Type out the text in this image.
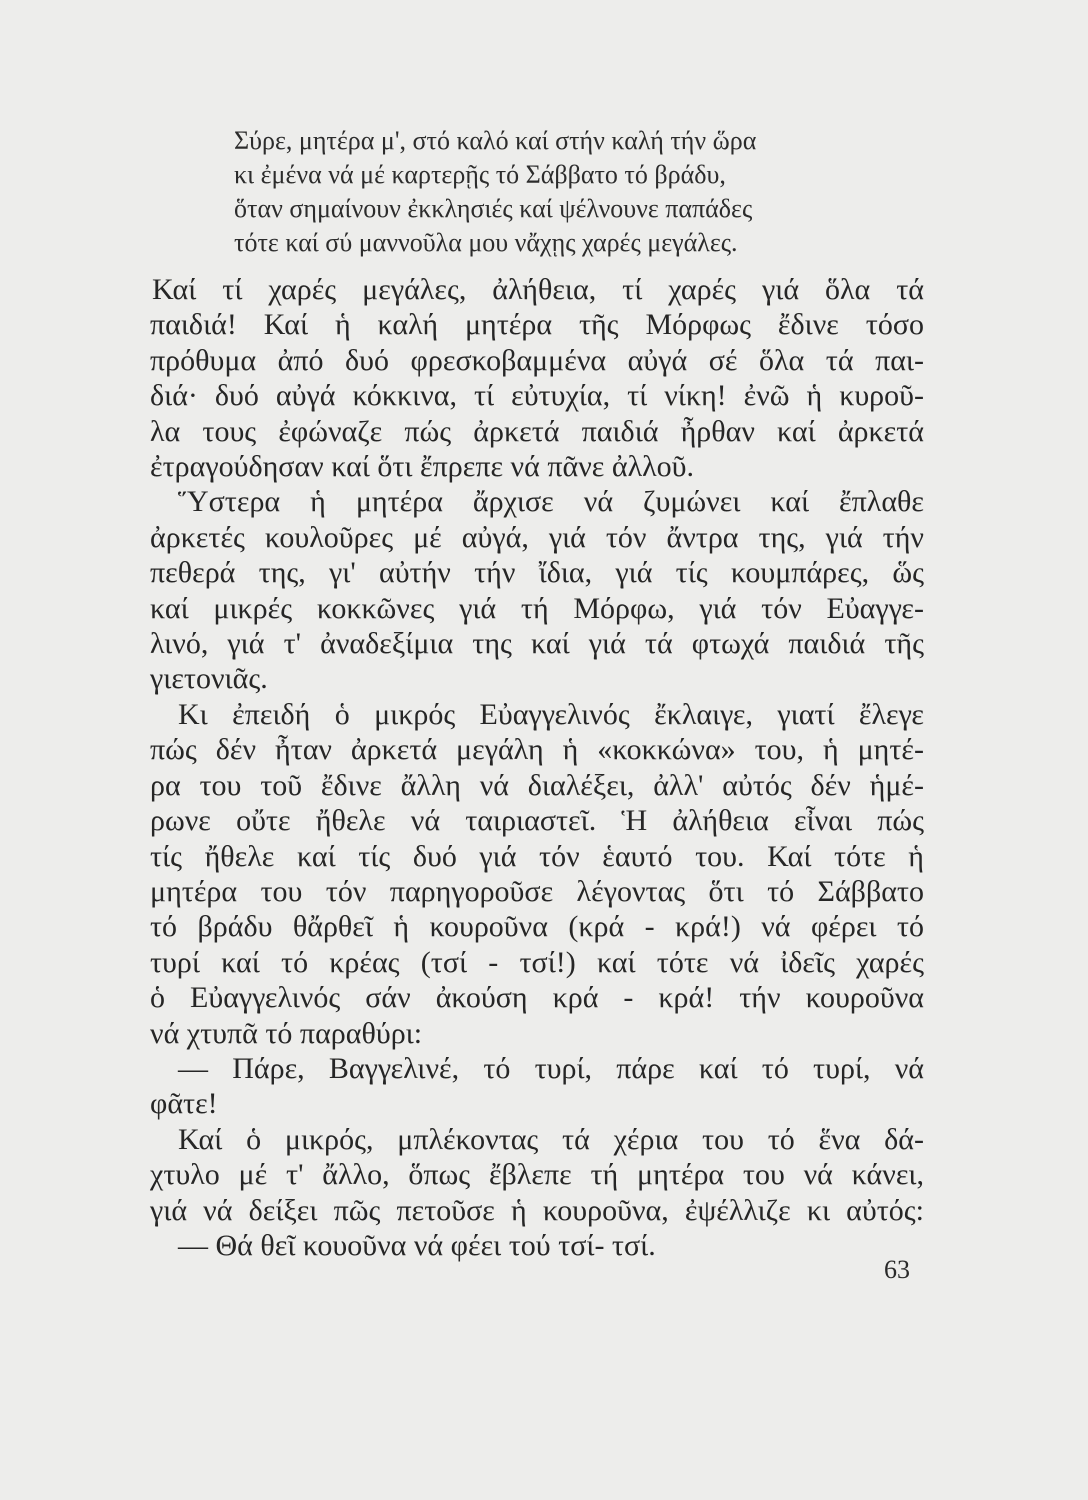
Σύρε, μητέρα μ', στό καλό καί στήν καλή τήν ὥρα
κι ἐμένα νά μέ καρτερῇς τό Σάββατο τό βράδυ,
ὅταν σημαίνουν ἐκκλησιές καί ψέλνουνε παπάδες
τότε καί σύ μαννοῦλα μου νἄχῃς χαρές μεγάλες.

Καί τί χαρές μεγάλες, ἀλήθεια, τί χαρές γιά ὅλα τά
παιδιά! Καί ἡ καλή μητέρα τῆς Μόρφως ἔδινε τόσο
πρόθυμα ἀπό δυό φρεσκοβαμμένα αὐγά σέ ὅλα τά παι-
διά· δυό αὐγά κόκκινα, τί εὐτυχία, τί νίκη! ἐνῶ ἡ κυροῦ-
λα τους ἐφώναζε πώς ἀρκετά παιδιά ἦρθαν καί ἀρκετά
ἐτραγούδησαν καί ὅτι ἔπρεπε νά πᾶνε ἀλλοῦ.

Ὕστερα ἡ μητέρα ἄρχισε νά ζυμώνει καί ἔπλαθε
ἀρκετές κουλοῦρες μέ αὐγά, γιά τόν ἄντρα της, γιά τήν
πεθερά της, γι' αὐτήν τήν ἴδια, γιά τίς κουμπάρες, ὥς
καί μικρές κοκκῶνες γιά τή Μόρφω, γιά τόν Εὐαγγε-
λινό, γιά τ' ἀναδεξίμια της καί γιά τά φτωχά παιδιά τῆς
γιετονιᾶς.

Κι ἐπειδή ὁ μικρός Εὐαγγελινός ἔκλαιγε, γιατί ἔλεγε
πώς δέν ἦταν ἀρκετά μεγάλη ἡ «κοκκώνα» του, ἡ μητέ-
ρα του τοῦ ἔδινε ἄλλη νά διαλέξει, ἀλλ' αὐτός δέν ἡμέ-
ρωνε οὔτε ἤθελε νά ταιριαστεῖ. Ἡ ἀλήθεια εἶναι πώς
τίς ἤθελε καί τίς δυό γιά τόν ἑαυτό του. Καί τότε ἡ
μητέρα του τόν παρηγοροῦσε λέγοντας ὅτι τό Σάββατο
τό βράδυ θἄρθεῖ ἡ κουροῦνα (κρά - κρά!) νά φέρει τό
τυρί καί τό κρέας (τσί - τσί!) καί τότε νά ἰδεῖς χαρές
ὁ Εὐαγγελινός σάν ἀκούση κρά - κρά! τήν κουροῦνα
νά χτυπᾶ τό παραθύρι:

— Πάρε, Βαγγελινέ, τό τυρί, πάρε καί τό τυρί, νά
φᾶτε!

Καί ὁ μικρός, μπλέκοντας τά χέρια του τό ἕνα δά-
χτυλο μέ τ' ἄλλο, ὅπως ἔβλεπε τή μητέρα του νά κάνει,
γιά νά δείξει πῶς πετοῦσε ἡ κουροῦνα, ἐψέλλιζε κι αὐτός:

— Θά θεῖ κουοῦνα νά φέει τού τσί- τσί.

63
